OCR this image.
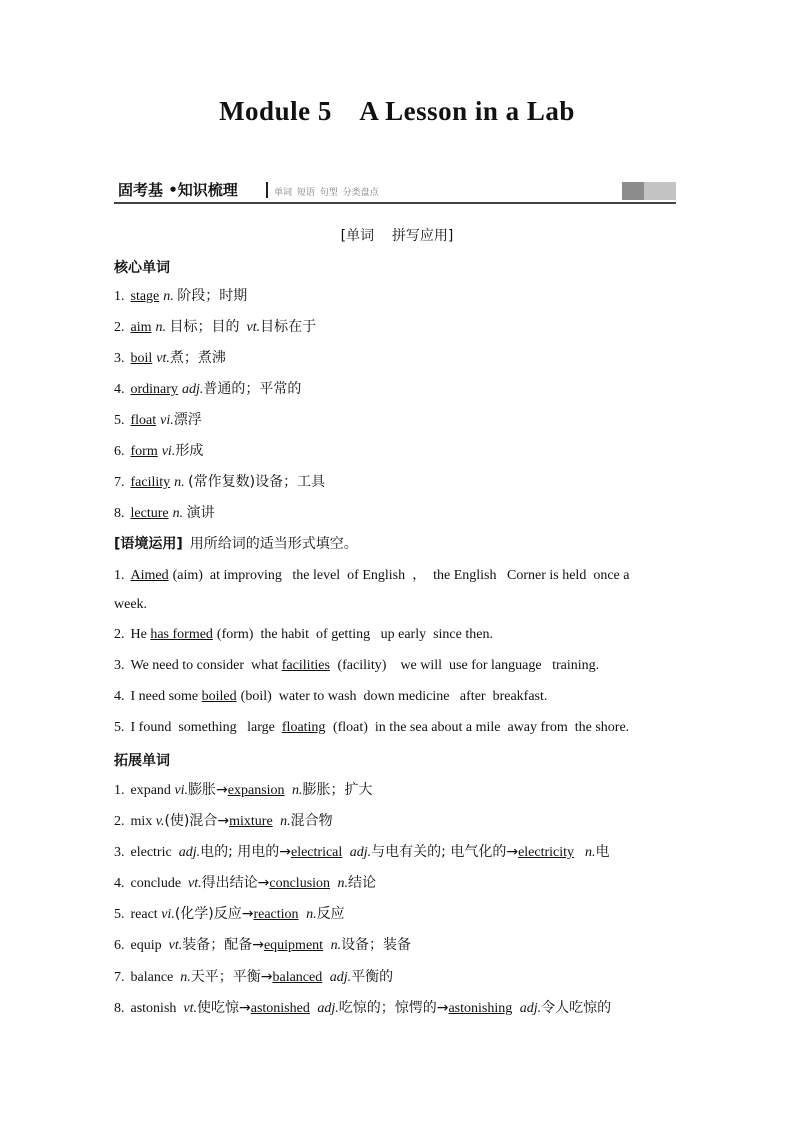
Module 5    A Lesson in a Lab
固考基 •知识梳理	单词 短语 句型 分类盘点
[单词    拼写应用]
核心单词
1. stage n. 阶段；时期
2. aim n. 目标；目的 vt.目标在于
3. boil vt.煮；煮沸
4. ordinary adj.普通的；平常的
5. float vi.漂浮
6. form vi.形成
7. facility n. (常作复数)设备；工具
8. lecture n. 演讲
[语境运用] 用所给词的适当形式填空。
1. Aimed (aim)  at improving   the level  of English  ，  the English   Corner is held  once a
week.
2. He has formed (form)  the habit  of getting   up early  since then.
3. We need to consider  what facilities (facility)    we will  use for language   training.
4. I need some boiled (boil)  water to wash  down medicine   after  breakfast.
5. I found  something   large  floating (float)  in the sea about a mile  away from  the shore.
拓展单词
1. expand vi.膨胀→expansion n.膨胀；扩大
2. mix v.(使)混合→mixture n.混合物
3. electric  adj.电的; 用电的→electrical adj.与电有关的; 电气化的→electricity  n.电
4. conclude  vt.得出结论→conclusion n.结论
5. react vi.(化学)反应→reaction n.反应
6. equip  vt.装备；配备→equipment n.设备；装备
7. balance  n.天平；平衡→balanced adj.平衡的
8. astonish  vt.使吃惊→astonished adj.吃惊的；惊愕的→astonishing adj.令人吃惊的
